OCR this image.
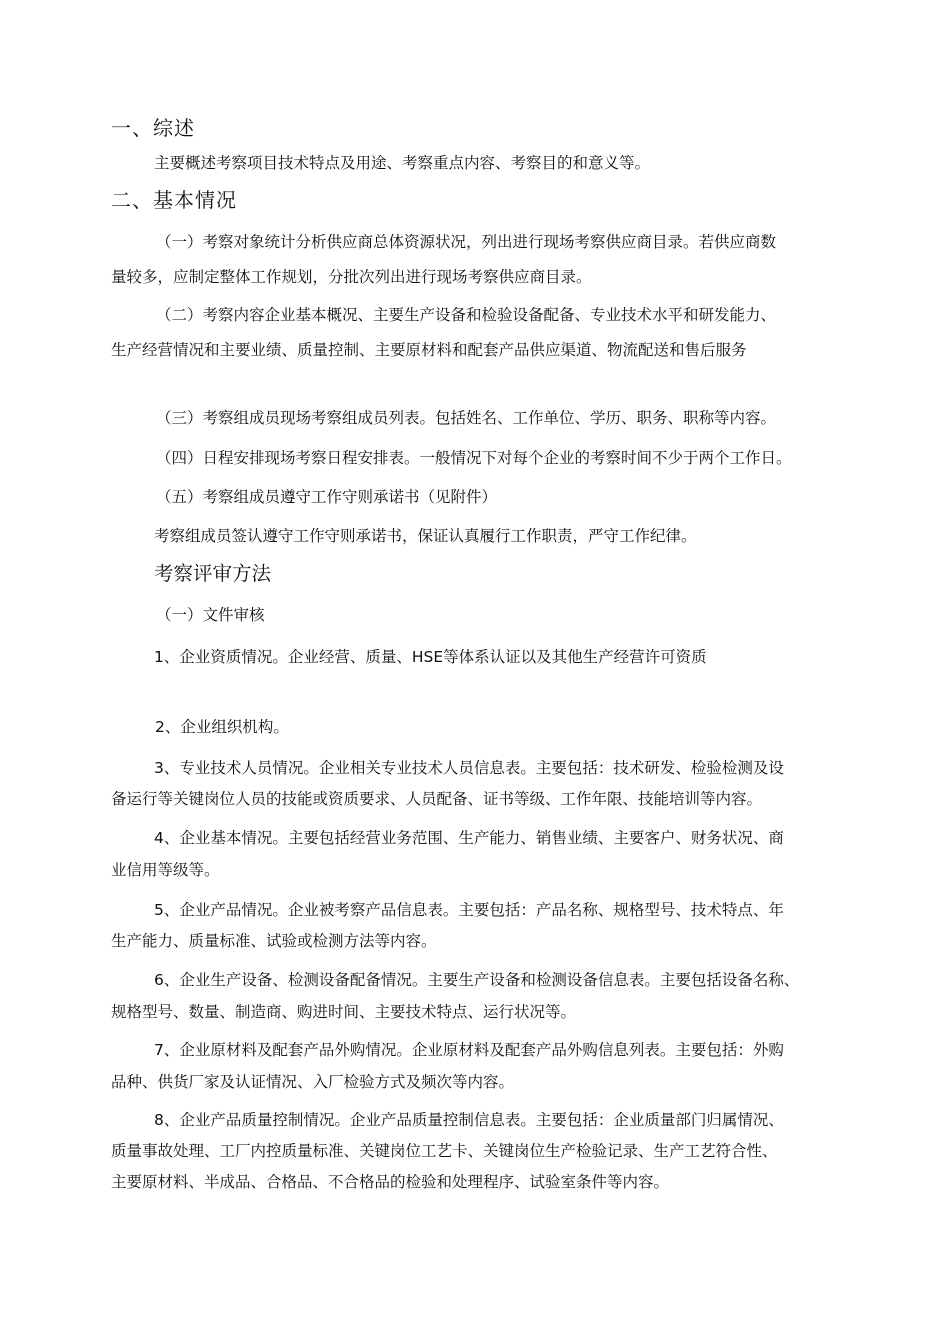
一、综述
主要概述考察项目技术特点及用途、考察重点内容、考察目的和意义等。
二、基本情况
（一）考察对象统计分析供应商总体资源状况，列出进行现场考察供应商目录。若供应商数
量较多，应制定整体工作规划，分批次列出进行现场考察供应商目录。
（二）考察内容企业基本概况、主要生产设备和检验设备配备、专业技术水平和研发能力、
生产经营情况和主要业绩、质量控制、主要原材料和配套产品供应渠道、物流配送和售后服务
（三）考察组成员现场考察组成员列表。包括姓名、工作单位、学历、职务、职称等内容。
（四）日程安排现场考察日程安排表。一般情况下对每个企业的考察时间不少于两个工作日。
（五）考察组成员遵守工作守则承诺书（见附件）
考察组成员签认遵守工作守则承诺书，保证认真履行工作职责，严守工作纪律。
考察评审方法
（一）文件审核
1、企业资质情况。企业经营、质量、HSE等体系认证以及其他生产经营许可资质
2、企业组织机构。
3、专业技术人员情况。企业相关专业技术人员信息表。主要包括：技术研发、检验检测及设
备运行等关键岗位人员的技能或资质要求、人员配备、证书等级、工作年限、技能培训等内容。
4、企业基本情况。主要包括经营业务范围、生产能力、销售业绩、主要客户、财务状况、商
业信用等级等。
5、企业产品情况。企业被考察产品信息表。主要包括：产品名称、规格型号、技术特点、年
生产能力、质量标准、试验或检测方法等内容。
6、企业生产设备、检测设备配备情况。主要生产设备和检测设备信息表。主要包括设备名称、
规格型号、数量、制造商、购进时间、主要技术特点、运行状况等。
7、企业原材料及配套产品外购情况。企业原材料及配套产品外购信息列表。主要包括：外购
品种、供货厂家及认证情况、入厂检验方式及频次等内容。
8、企业产品质量控制情况。企业产品质量控制信息表。主要包括：企业质量部门归属情况、
质量事故处理、工厂内控质量标准、关键岗位工艺卡、关键岗位生产检验记录、生产工艺符合性、
主要原材料、半成品、合格品、不合格品的检验和处理程序、试验室条件等内容。
